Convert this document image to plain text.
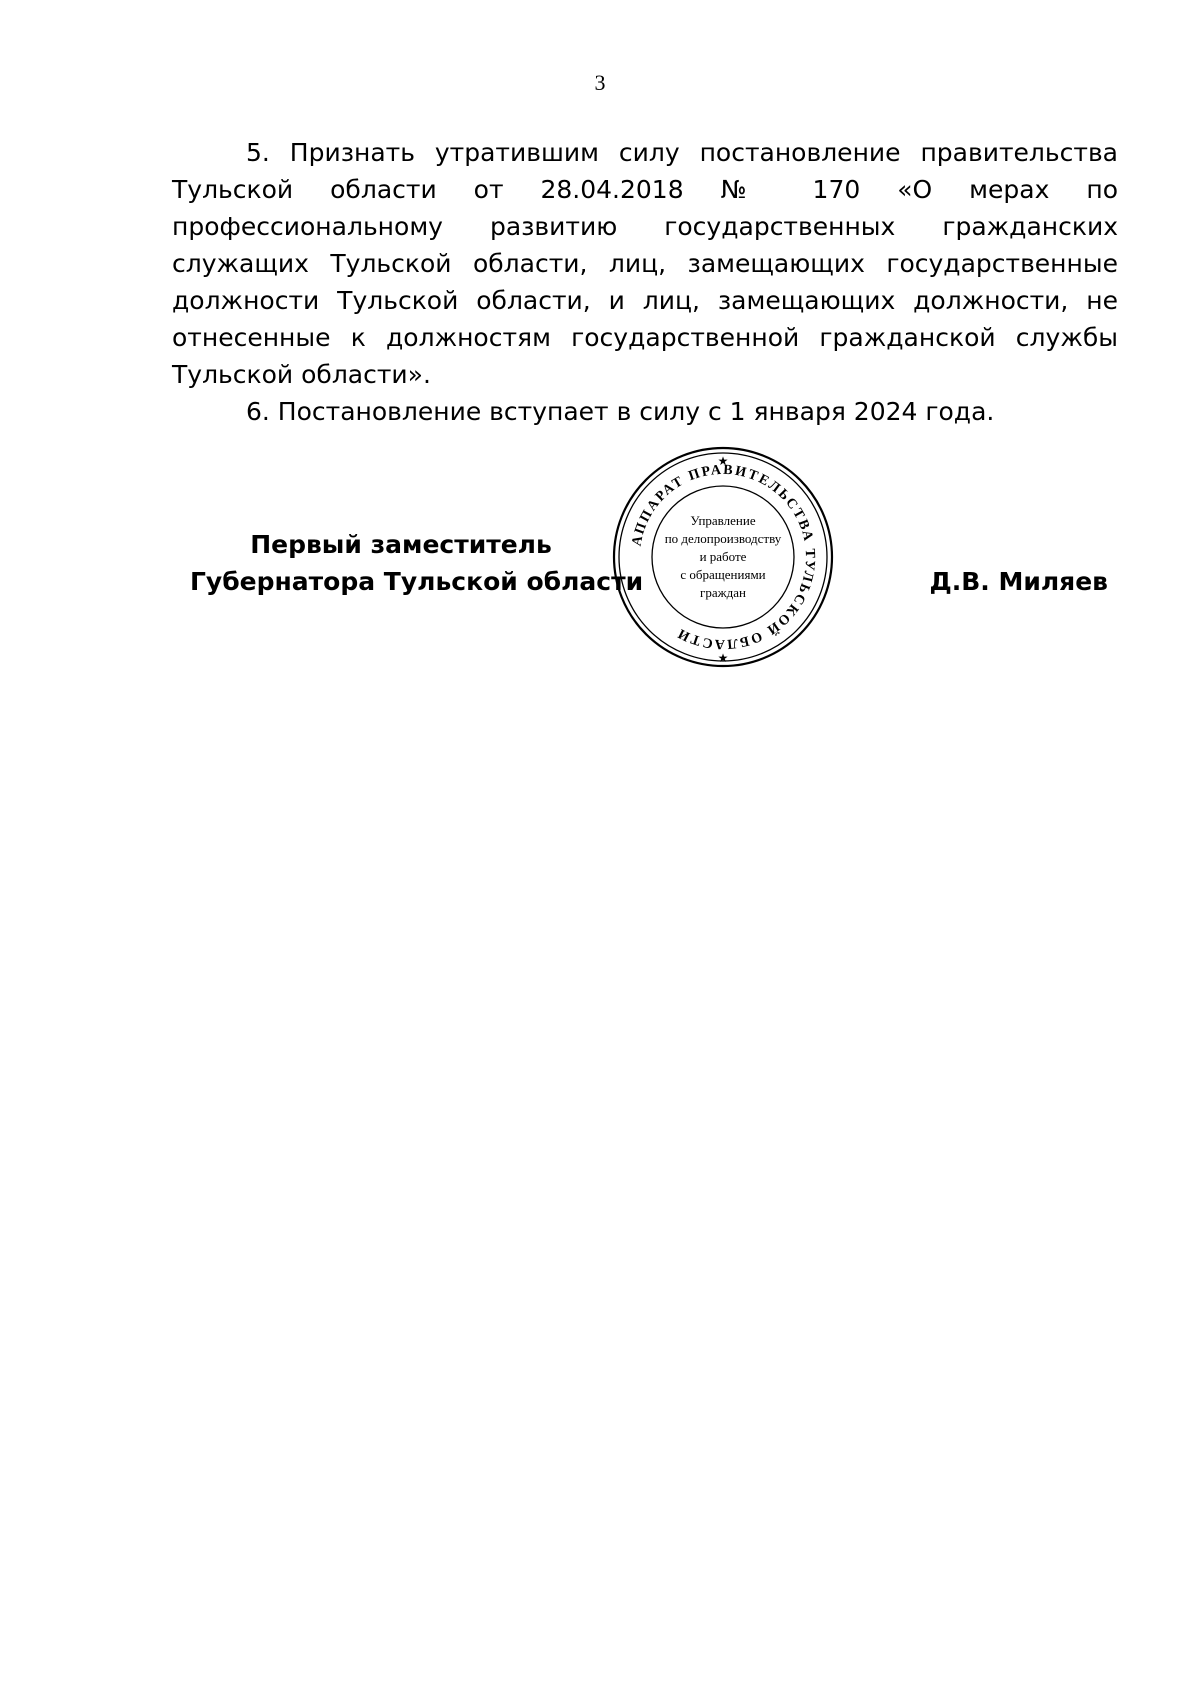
3

5. Признать утратившим силу постановление правительства Тульской области от 28.04.2018 № 170 «О мерах по профессиональному развитию государственных гражданских служащих Тульской области, лиц, замещающих государственные должности Тульской области, и лиц, замещающих должности, не отнесенные к должностям государственной гражданской службы Тульской области».

6. Постановление вступает в силу с 1 января 2024 года.

Первый заместитель
Губернатора Тульской области	Д.В. Миляев
АППАРАТ ПРАВИТЕЛЬСТВА ТУЛЬСКОЙ ОБЛАСТИ
★
★
Управление
по делопроизводству
и работе
с обращениями
граждан
